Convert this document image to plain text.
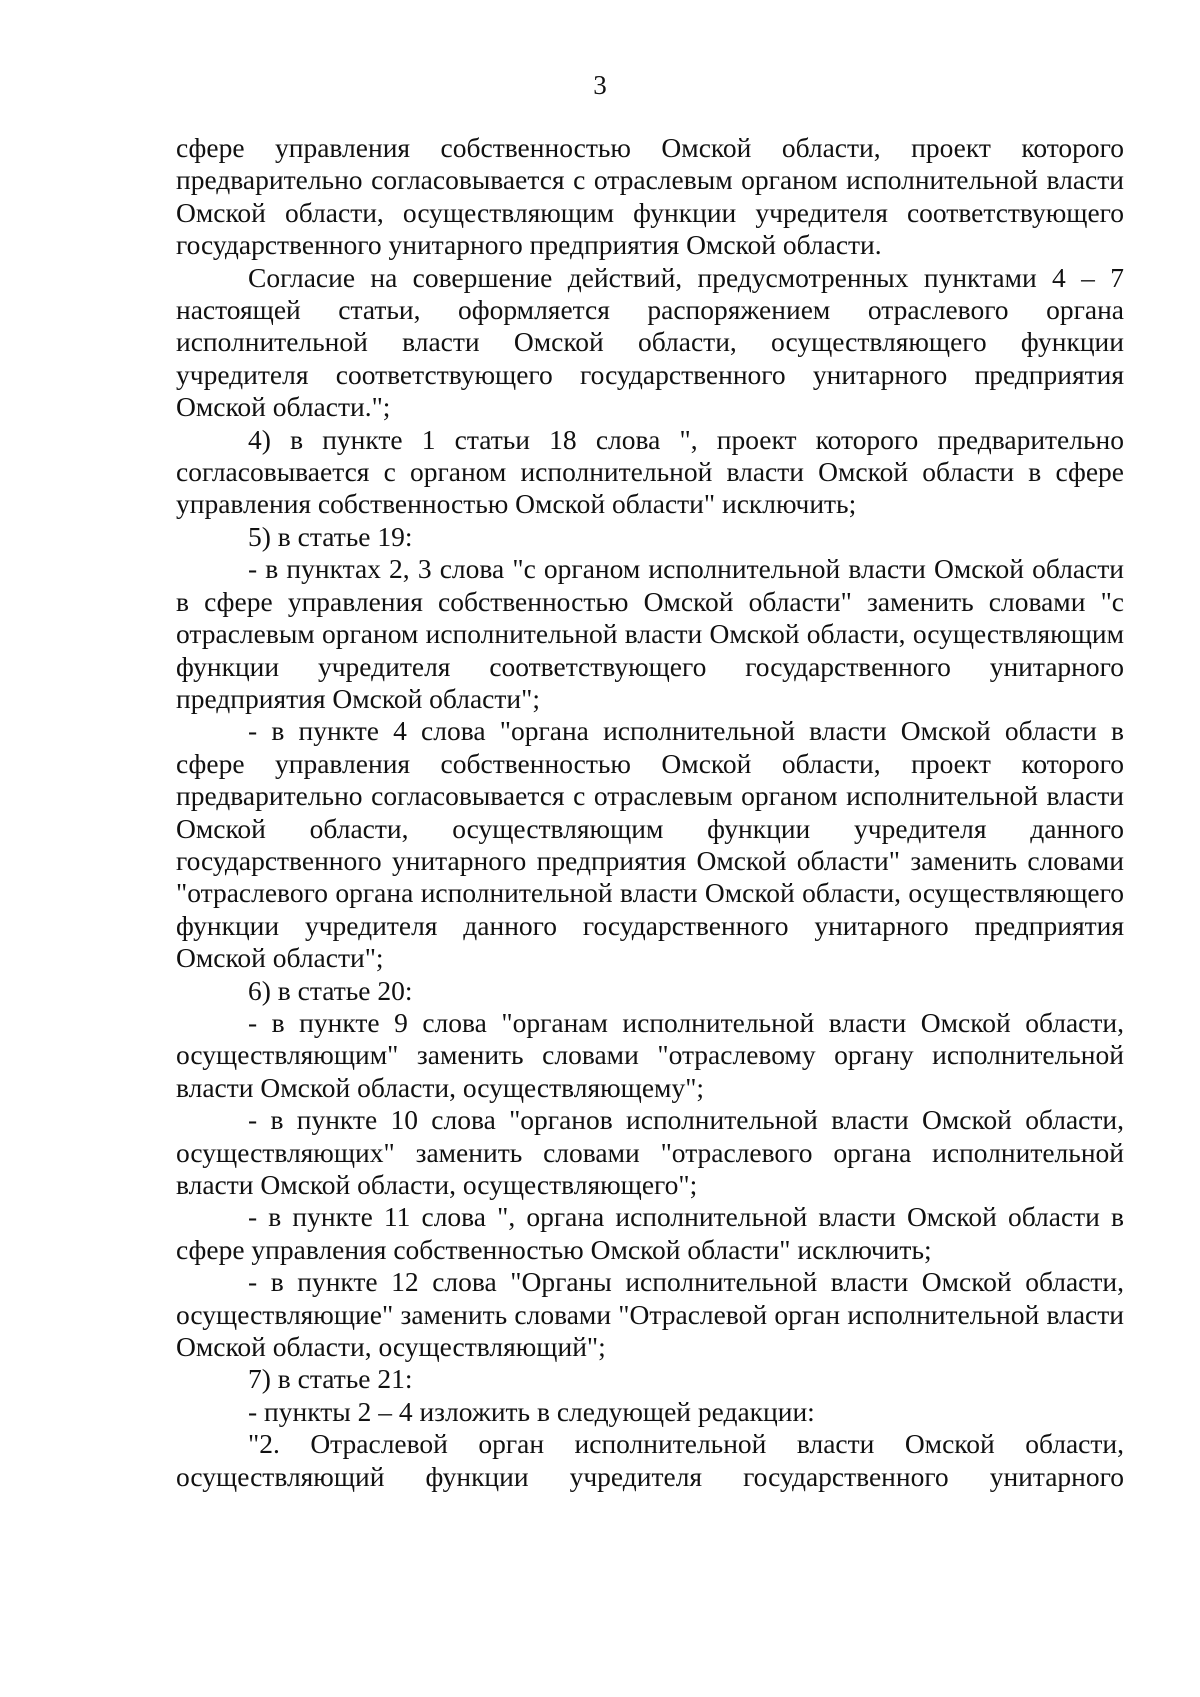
3

сфере управления собственностью Омской области, проект которого предварительно согласовывается с отраслевым органом исполнительной власти Омской области, осуществляющим функции учредителя соответствующего государственного унитарного предприятия Омской области.

Согласие на совершение действий, предусмотренных пунктами 4 – 7 настоящей статьи, оформляется распоряжением отраслевого органа исполнительной власти Омской области, осуществляющего функции учредителя соответствующего государственного унитарного предприятия Омской области.";

4) в пункте 1 статьи 18 слова ", проект которого предварительно согласовывается с органом исполнительной власти Омской области в сфере управления собственностью Омской области" исключить;

5) в статье 19:

- в пунктах 2, 3 слова "с органом исполнительной власти Омской области в сфере управления собственностью Омской области" заменить словами "с отраслевым органом исполнительной власти Омской области, осуществляющим функции учредителя соответствующего государственного унитарного предприятия Омской области";

- в пункте 4 слова "органа исполнительной власти Омской области в сфере управления собственностью Омской области, проект которого предварительно согласовывается с отраслевым органом исполнительной власти Омской области, осуществляющим функции учредителя данного государственного унитарного предприятия Омской области" заменить словами "отраслевого органа исполнительной власти Омской области, осуществляющего функции учредителя данного государственного унитарного предприятия Омской области";

6) в статье 20:

- в пункте 9 слова "органам исполнительной власти Омской области, осуществляющим" заменить словами "отраслевому органу исполнительной власти Омской области, осуществляющему";

- в пункте 10 слова "органов исполнительной власти Омской области, осуществляющих" заменить словами "отраслевого органа исполнительной власти Омской области, осуществляющего";

- в пункте 11 слова ", органа исполнительной власти Омской области в сфере управления собственностью Омской области" исключить;

- в пункте 12 слова "Органы исполнительной власти Омской области, осуществляющие" заменить словами "Отраслевой орган исполнительной власти Омской области, осуществляющий";

7) в статье 21:

- пункты 2 – 4 изложить в следующей редакции:

"2. Отраслевой орган исполнительной власти Омской области, осуществляющий функции учредителя государственного унитарного
